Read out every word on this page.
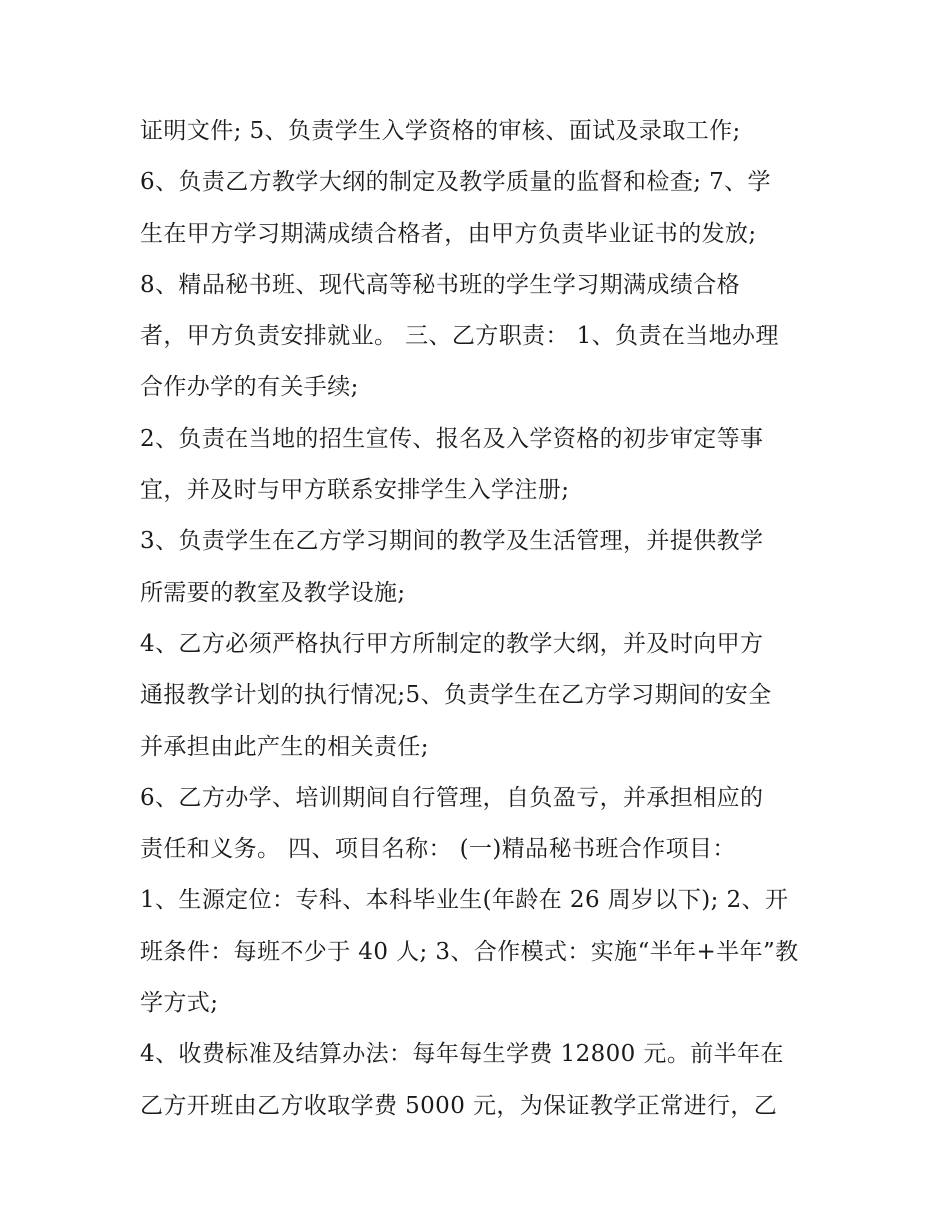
证明文件; 5、负责学生入学资格的审核、面试及录取工作;
6、负责乙方教学大纲的制定及教学质量的监督和检查; 7、学
生在甲方学习期满成绩合格者，由甲方负责毕业证书的发放;
8、精品秘书班、现代高等秘书班的学生学习期满成绩合格
者，甲方负责安排就业。 三、乙方职责： 1、负责在当地办理
合作办学的有关手续;
2、负责在当地的招生宣传、报名及入学资格的初步审定等事
宜，并及时与甲方联系安排学生入学注册;
3、负责学生在乙方学习期间的教学及生活管理，并提供教学
所需要的教室及教学设施;
4、乙方必须严格执行甲方所制定的教学大纲，并及时向甲方
通报教学计划的执行情况;5、负责学生在乙方学习期间的安全
并承担由此产生的相关责任;
6、乙方办学、培训期间自行管理，自负盈亏，并承担相应的
责任和义务。 四、项目名称： (一)精品秘书班合作项目：
1、生源定位：专科、本科毕业生(年龄在 26 周岁以下); 2、开
班条件：每班不少于 40 人; 3、合作模式：实施“半年+半年”教
学方式;
4、收费标准及结算办法：每年每生学费 12800 元。前半年在
乙方开班由乙方收取学费 5000 元，为保证教学正常进行，乙
